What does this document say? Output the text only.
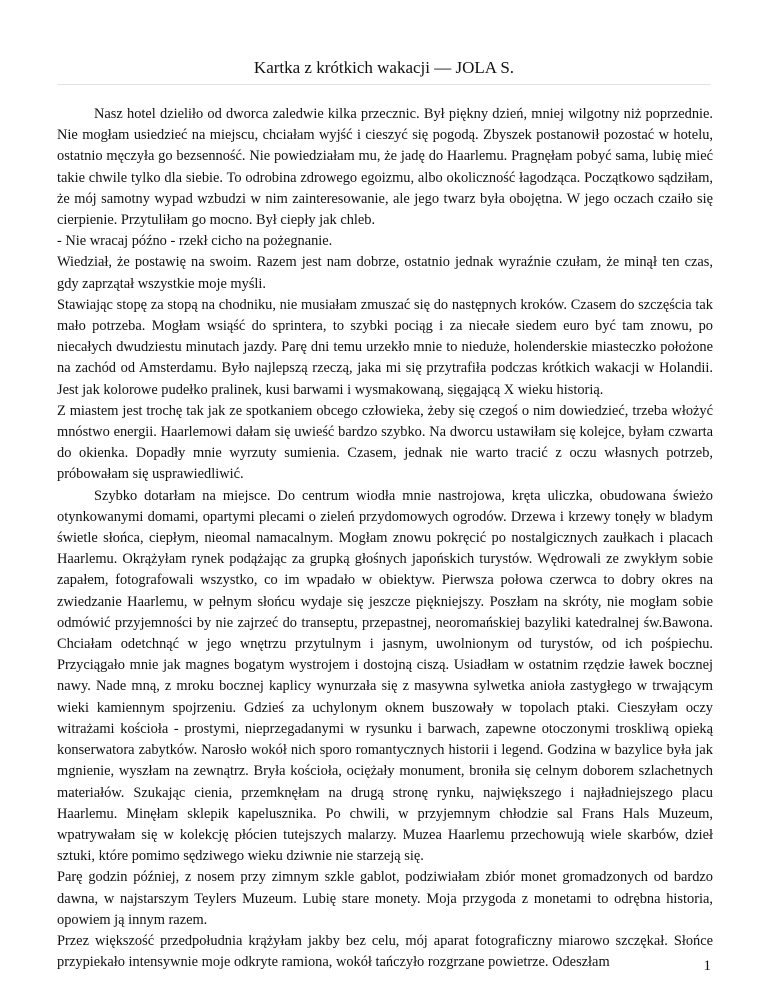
Kartka z krótkich wakacji — JOLA S.

Nasz hotel dzieliło od dworca zaledwie kilka przecznic. Był piękny dzień, mniej wilgotny niż poprzednie. Nie mogłam usiedzieć na miejscu, chciałam wyjść i cieszyć się pogodą. Zbyszek postanowił pozostać w hotelu, ostatnio męczyła go bezsenność. Nie powiedziałam mu, że jadę do Haarlemu. Pragnęłam pobyć sama, lubię mieć takie chwile tylko dla siebie. To odrobina zdrowego egoizmu, albo okoliczność łagodząca. Początkowo sądziłam, że mój samotny wypad wzbudzi w nim zainteresowanie, ale jego twarz była obojętna. W jego oczach czaiło się cierpienie. Przytuliłam go mocno. Był ciepły jak chleb.

- Nie wracaj późno - rzekł cicho na pożegnanie.

Wiedział, że postawię na swoim. Razem jest nam dobrze, ostatnio jednak wyraźnie czułam, że minął ten czas, gdy zaprzątał wszystkie moje myśli.

Stawiając stopę za stopą na chodniku, nie musiałam zmuszać się do następnych kroków. Czasem do szczęścia tak mało potrzeba. Mogłam wsiąść do sprintera, to szybki pociąg i za niecałe siedem euro być tam znowu, po niecałych dwudziestu minutach jazdy. Parę dni temu urzekło mnie to nieduże, holenderskie miasteczko położone na zachód od Amsterdamu. Było najlepszą rzeczą, jaka mi się przytrafiła podczas krótkich wakacji w Holandii. Jest jak kolorowe pudełko pralinek, kusi barwami i wysmakowaną, sięgającą X wieku historią.

Z miastem jest trochę tak jak ze spotkaniem obcego człowieka, żeby się czegoś o nim dowiedzieć, trzeba włożyć mnóstwo energii. Haarlemowi dałam się uwieść bardzo szybko. Na dworcu ustawiłam się kolejce, byłam czwarta do okienka. Dopadły mnie wyrzuty sumienia. Czasem, jednak nie warto tracić z oczu własnych potrzeb, próbowałam się usprawiedliwić.

Szybko dotarłam na miejsce. Do centrum wiodła mnie nastrojowa, kręta uliczka, obudowana świeżo otynkowanymi domami, opartymi plecami o zieleń przydomowych ogrodów. Drzewa i krzewy tonęły w bladym świetle słońca, ciepłym, nieomal namacalnym. Mogłam znowu pokręcić po nostalgicznych zaułkach i placach Haarlemu. Okrążyłam rynek podążając za grupką głośnych japońskich turystów. Wędrowali ze zwykłym sobie zapałem, fotografowali wszystko, co im wpadało w obiektyw. Pierwsza połowa czerwca to dobry okres na zwiedzanie Haarlemu, w pełnym słońcu wydaje się jeszcze piękniejszy. Poszłam na skróty, nie mogłam sobie odmówić przyjemności by nie zajrzeć do transeptu, przepastnej, neoromańskiej bazyliki katedralnej św.Bawona. Chciałam odetchnąć w jego wnętrzu przytulnym i jasnym, uwolnionym od turystów, od ich pośpiechu. Przyciągało mnie jak magnes bogatym wystrojem i dostojną ciszą. Usiadłam w ostatnim rzędzie ławek bocznej nawy. Nade mną, z mroku bocznej kaplicy wynurzała się z masywna sylwetka anioła zastygłego w trwającym wieki kamiennym spojrzeniu. Gdzieś za uchylonym oknem buszowały w topolach ptaki. Cieszyłam oczy witrażami kościoła - prostymi, nieprzegadanymi w rysunku i barwach, zapewne otoczonymi troskliwą opieką konserwatora zabytków. Narosło wokół nich sporo romantycznych historii i legend. Godzina w bazylice była jak mgnienie, wyszłam na zewnątrz. Bryła kościoła, ociężały monument, broniła się celnym doborem szlachetnych materiałów. Szukając cienia, przemknęłam na drugą stronę rynku, największego i najładniejszego placu Haarlemu. Minęłam sklepik kapelusznika. Po chwili, w przyjemnym chłodzie sal Frans Hals Muzeum, wpatrywałam się w kolekcję płócien tutejszych malarzy. Muzea Haarlemu przechowują wiele skarbów, dzieł sztuki, które pomimo sędziwego wieku dziwnie nie starzeją się.

Parę godzin później, z nosem przy zimnym szkle gablot, podziwiałam zbiór monet gromadzonych od bardzo dawna, w najstarszym Teylers Muzeum. Lubię stare monety. Moja przygoda z monetami to odrębna historia, opowiem ją innym razem.

Przez większość przedpołudnia krążyłam jakby bez celu, mój aparat fotograficzny miarowo szczękał. Słońce przypiekało intensywnie moje odkryte ramiona, wokół tańczyło rozgrzane powietrze. Odeszłam	1
